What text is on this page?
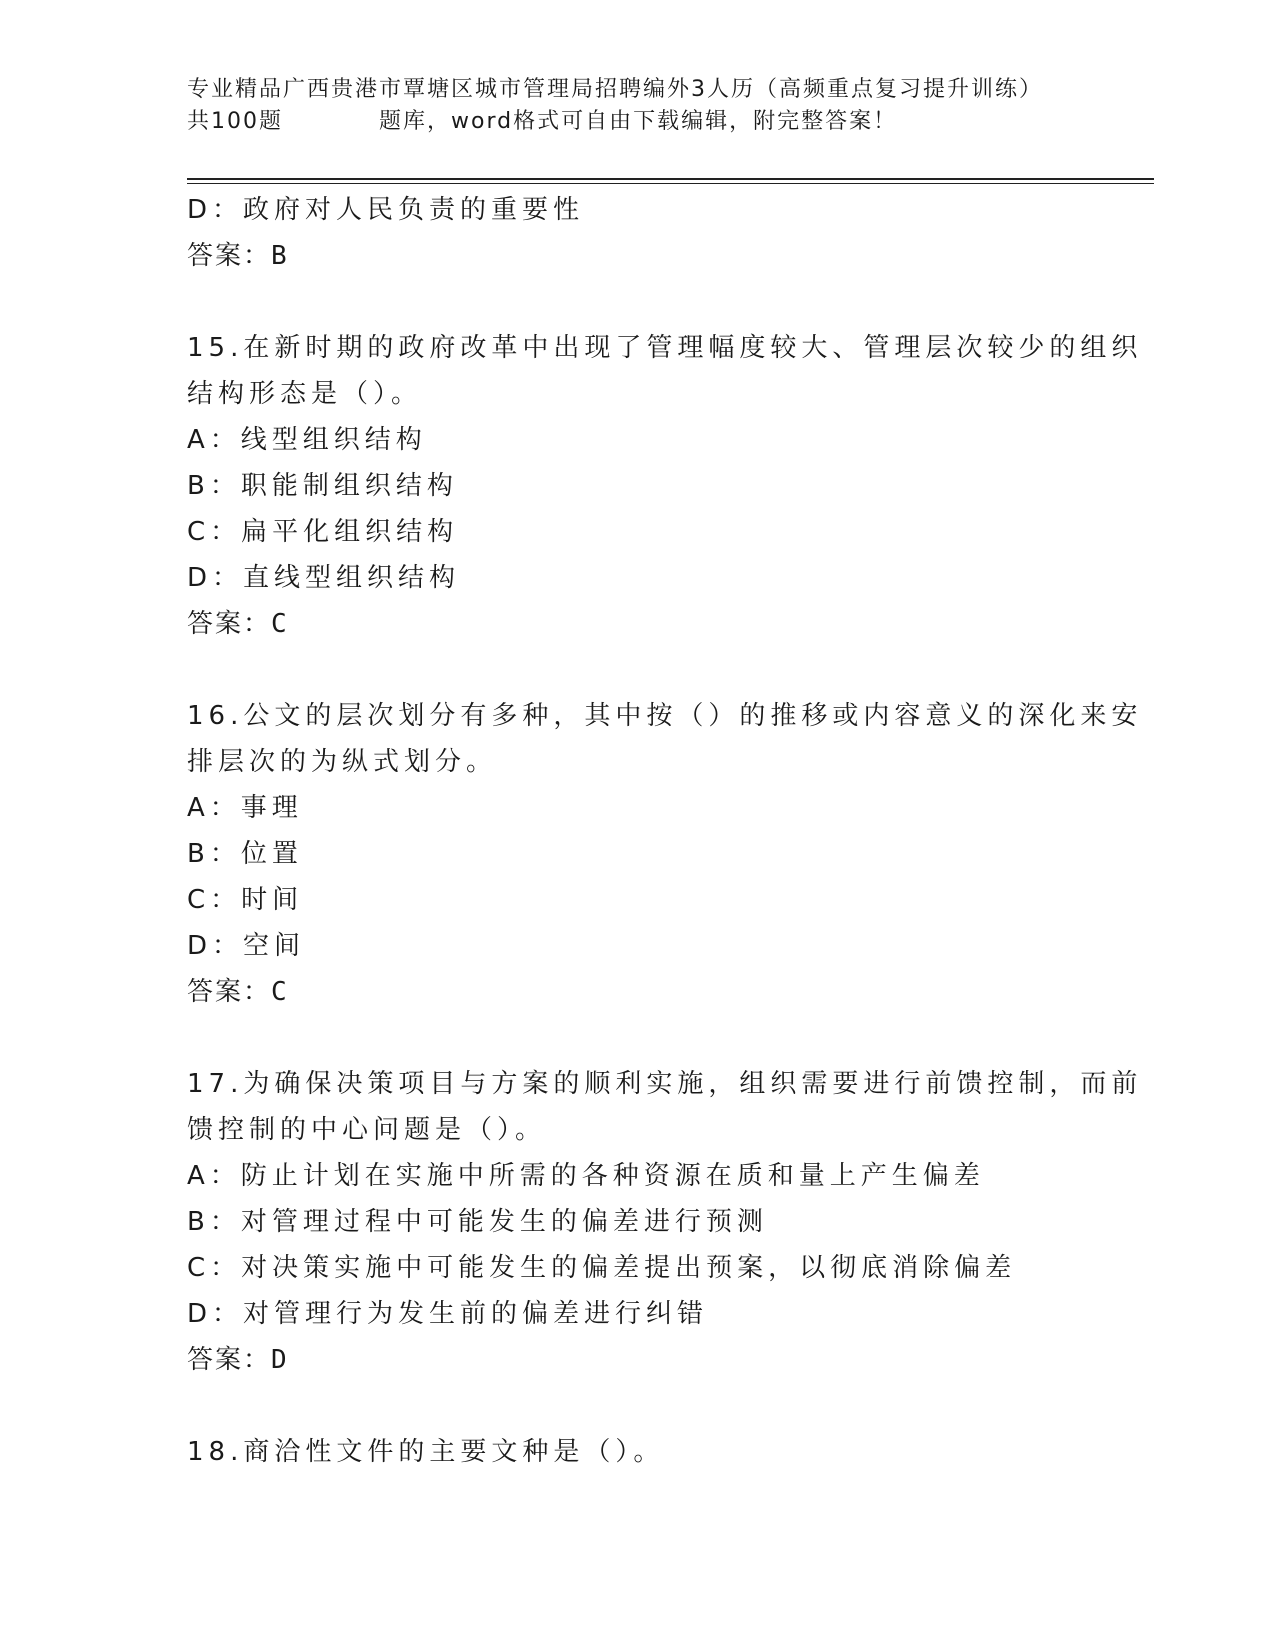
专业精品广西贵港市覃塘区城市管理局招聘编外3人历（高频重点复习提升训练）
共100题	题库，word格式可自由下载编辑，附完整答案！
D：政府对人民负责的重要性
答案：B
15.在新时期的政府改革中出现了管理幅度较大、管理层次较少的组织
结构形态是（）。
A：线型组织结构
B：职能制组织结构
C：扁平化组织结构
D：直线型组织结构
答案：C
16.公文的层次划分有多种，其中按（）的推移或内容意义的深化来安
排层次的为纵式划分。
A：事理
B：位置
C：时间
D：空间
答案：C
17.为确保决策项目与方案的顺利实施，组织需要进行前馈控制，而前
馈控制的中心问题是（）。
A：防止计划在实施中所需的各种资源在质和量上产生偏差
B：对管理过程中可能发生的偏差进行预测
C：对决策实施中可能发生的偏差提出预案，以彻底消除偏差
D：对管理行为发生前的偏差进行纠错
答案：D
18.商洽性文件的主要文种是（）。
